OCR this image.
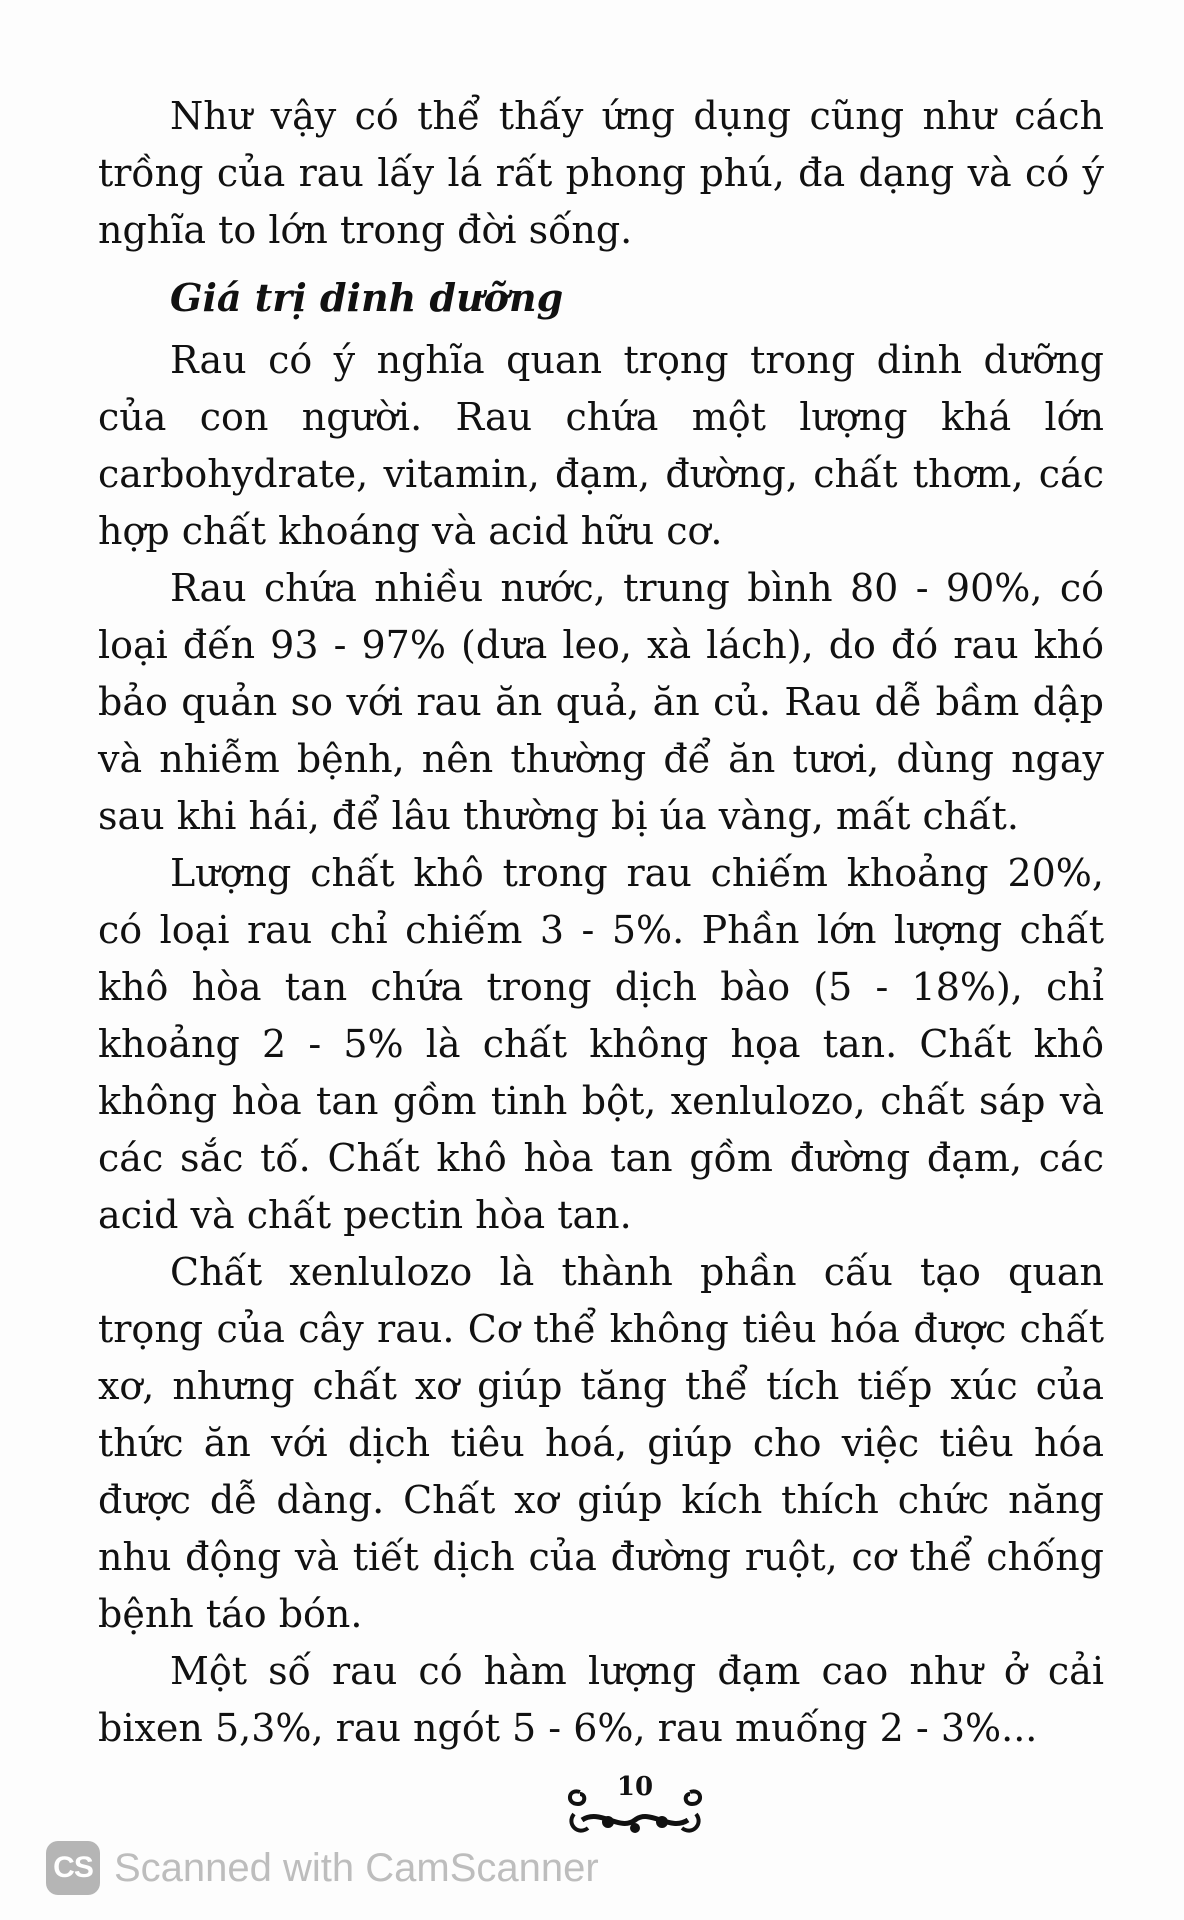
Như vậy có thể thấy ứng dụng cũng như cách trồng của rau lấy lá rất phong phú, đa dạng và có ý nghĩa to lớn trong đời sống.

Giá trị dinh dưỡng

Rau có ý nghĩa quan trọng trong dinh dưỡng của con người. Rau chứa một lượng khá lớn carbohydrate, vitamin, đạm, đường, chất thơm, các hợp chất khoáng và acid hữu cơ.

Rau chứa nhiều nước, trung bình 80 - 90%, có loại đến 93 - 97% (dưa leo, xà lách), do đó rau khó bảo quản so với rau ăn quả, ăn củ. Rau dễ bầm dập và nhiễm bệnh, nên thường để ăn tươi, dùng ngay sau khi hái, để lâu thường bị úa vàng, mất chất.

Lượng chất khô trong rau chiếm khoảng 20%, có loại rau chỉ chiếm 3 - 5%. Phần lớn lượng chất khô hòa tan chứa trong dịch bào (5 - 18%), chỉ khoảng 2 - 5% là chất không họa tan. Chất khô không hòa tan gồm tinh bột, xenlulozo, chất sáp và các sắc tố. Chất khô hòa tan gồm đường đạm, các acid và chất pectin hòa tan.

Chất xenlulozo là thành phần cấu tạo quan trọng của cây rau. Cơ thể không tiêu hóa được chất xơ, nhưng chất xơ giúp tăng thể tích tiếp xúc của thức ăn với dịch tiêu hoá, giúp cho việc tiêu hóa được dễ dàng. Chất xơ giúp kích thích chức năng nhu động và tiết dịch của đường ruột, cơ thể chống bệnh táo bón.

Một số rau có hàm lượng đạm cao như ở cải bixen 5,3%, rau ngót 5 - 6%, rau muống 2 - 3%...

10
CS Scanned with CamScanner
